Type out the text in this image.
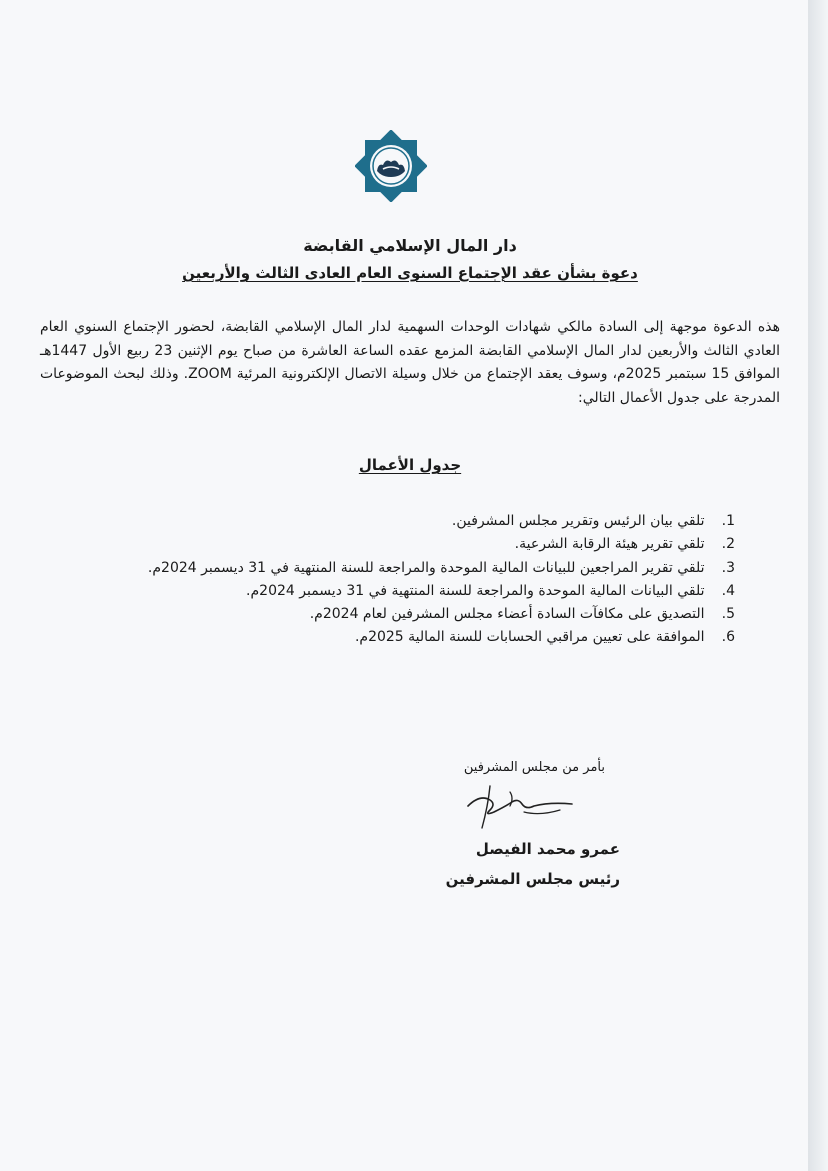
دار المال الإسلامي القابضة
دعوة بشأن عقد الإجتماع السنوى العام العادى الثالث والأربعين
هذه الدعوة موجهة إلى السادة مالكي شهادات الوحدات السهمية لدار المال الإسلامي القابضة، لحضور الإجتماع السنوي العام العادي الثالث والأربعين لدار المال الإسلامي القابضة المزمع عقده الساعة العاشرة من صباح يوم الإثنين 23 ربيع الأول 1447هـ الموافق 15 سبتمبر 2025م، وسوف يعقد الإجتماع من خلال وسيلة الاتصال الإلكترونية المرئية ZOOM. وذلك لبحث الموضوعات المدرجة على جدول الأعمال التالي:
جدول الأعمال
1. تلقي بيان الرئيس وتقرير مجلس المشرفين.
2. تلقي تقرير هيئة الرقابة الشرعية.
3. تلقي تقرير المراجعين للبيانات المالية الموحدة والمراجعة للسنة المنتهية في 31 ديسمبر 2024م.
4. تلقي البيانات المالية الموحدة والمراجعة للسنة المنتهية في 31 ديسمبر 2024م.
5. التصديق على مكافآت السادة أعضاء مجلس المشرفين لعام 2024م.
6. الموافقة على تعيين مراقبي الحسابات للسنة المالية 2025م.
بأمر من مجلس المشرفين
عمرو محمد الفيصل
رئيس مجلس المشرفين
